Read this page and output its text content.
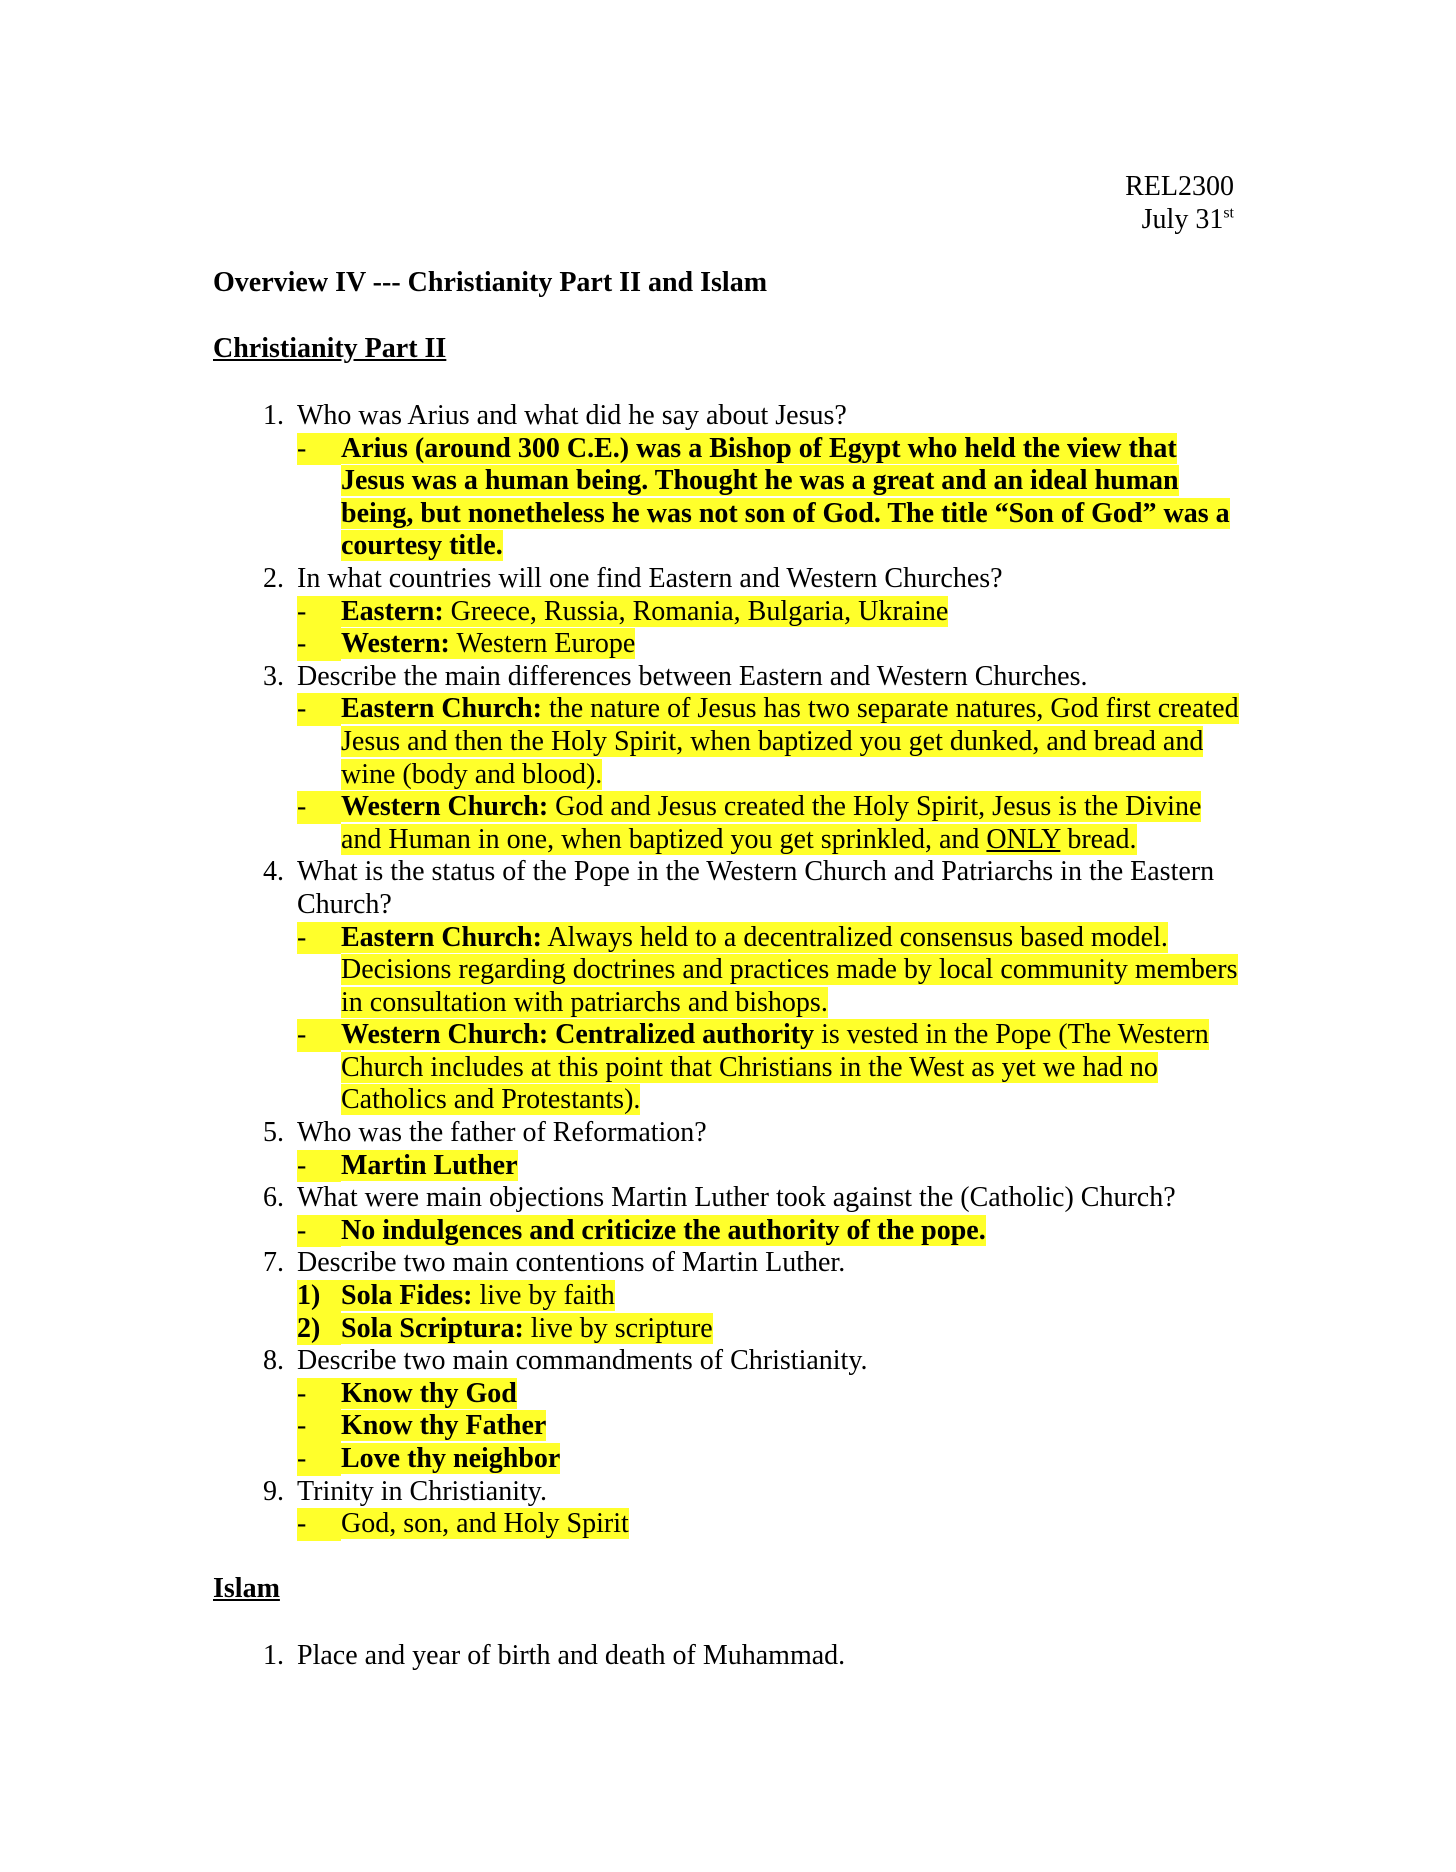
REL2300
July 31st

Overview IV --- Christianity Part II and Islam

Christianity Part II

1. Who was Arius and what did he say about Jesus?
-	Arius (around 300 C.E.) was a Bishop of Egypt who held the view that Jesus was a human being. Thought he was a great and an ideal human being, but nonetheless he was not son of God. The title “Son of God” was a courtesy title.
2. In what countries will one find Eastern and Western Churches?
-	Eastern: Greece, Russia, Romania, Bulgaria, Ukraine
-	Western: Western Europe
3. Describe the main differences between Eastern and Western Churches.
-	Eastern Church: the nature of Jesus has two separate natures, God first created Jesus and then the Holy Spirit, when baptized you get dunked, and bread and wine (body and blood).
-	Western Church: God and Jesus created the Holy Spirit, Jesus is the Divine and Human in one, when baptized you get sprinkled, and ONLY bread.
4. What is the status of the Pope in the Western Church and Patriarchs in the Eastern Church?
-	Eastern Church: Always held to a decentralized consensus based model. Decisions regarding doctrines and practices made by local community members in consultation with patriarchs and bishops.
-	Western Church: Centralized authority is vested in the Pope (The Western Church includes at this point that Christians in the West as yet we had no Catholics and Protestants).
5. Who was the father of Reformation?
-	Martin Luther
6. What were main objections Martin Luther took against the (Catholic) Church?
-	No indulgences and criticize the authority of the pope.
7. Describe two main contentions of Martin Luther.
1) Sola Fides: live by faith
2) Sola Scriptura: live by scripture
8. Describe two main commandments of Christianity.
-	Know thy God
-	Know thy Father
-	Love thy neighbor
9. Trinity in Christianity.
-	God, son, and Holy Spirit

Islam

1. Place and year of birth and death of Muhammad.
